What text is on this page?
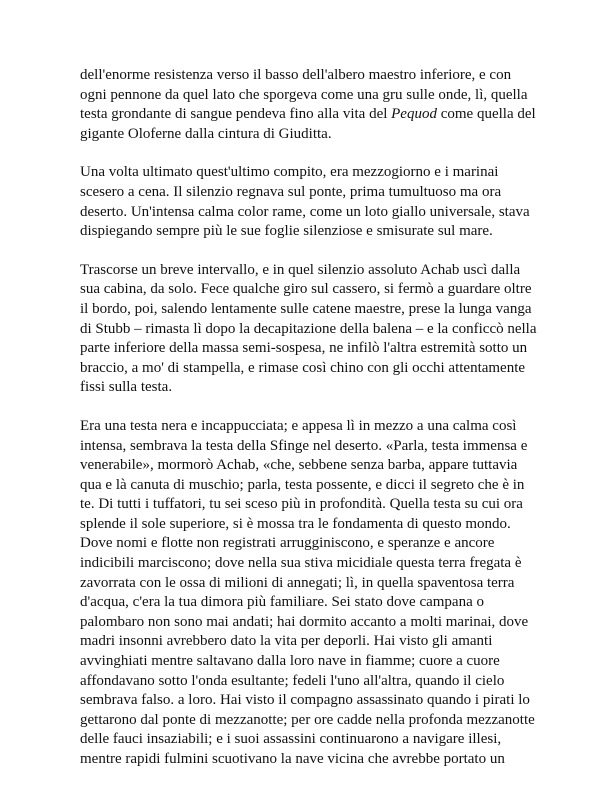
dell'enorme resistenza verso il basso dell'albero maestro inferiore, e con
ogni pennone da quel lato che sporgeva come una gru sulle onde, lì, quella
testa grondante di sangue pendeva fino alla vita del Pequod come quella del
gigante Oloferne dalla cintura di Giuditta.

Una volta ultimato quest'ultimo compito, era mezzogiorno e i marinai
scesero a cena. Il silenzio regnava sul ponte, prima tumultuoso ma ora
deserto. Un'intensa calma color rame, come un loto giallo universale, stava
dispiegando sempre più le sue foglie silenziose e smisurate sul mare.

Trascorse un breve intervallo, e in quel silenzio assoluto Achab uscì dalla
sua cabina, da solo. Fece qualche giro sul cassero, si fermò a guardare oltre
il bordo, poi, salendo lentamente sulle catene maestre, prese la lunga vanga
di Stubb – rimasta lì dopo la decapitazione della balena – e la conficcò nella
parte inferiore della massa semi-sospesa, ne infilò l'altra estremità sotto un
braccio, a mo' di stampella, e rimase così chino con gli occhi attentamente
fissi sulla testa.

Era una testa nera e incappucciata; e appesa lì in mezzo a una calma così
intensa, sembrava la testa della Sfinge nel deserto. «Parla, testa immensa e
venerabile», mormorò Achab, «che, sebbene senza barba, appare tuttavia
qua e là canuta di muschio; parla, testa possente, e dicci il segreto che è in
te. Di tutti i tuffatori, tu sei sceso più in profondità. Quella testa su cui ora
splende il sole superiore, si è mossa tra le fondamenta di questo mondo.
Dove nomi e flotte non registrati arrugginiscono, e speranze e ancore
indicibili marciscono; dove nella sua stiva micidiale questa terra fregata è
zavorrata con le ossa di milioni di annegati; lì, in quella spaventosa terra
d'acqua, c'era la tua dimora più familiare. Sei stato dove campana o
palombaro non sono mai andati; hai dormito accanto a molti marinai, dove
madri insonni avrebbero dato la vita per deporli. Hai visto gli amanti
avvinghiati mentre saltavano dalla loro nave in fiamme; cuore a cuore
affondavano sotto l'onda esultante; fedeli l'uno all'altra, quando il cielo
sembrava falso. a loro. Hai visto il compagno assassinato quando i pirati lo
gettarono dal ponte di mezzanotte; per ore cadde nella profonda mezzanotte
delle fauci insaziabili; e i suoi assassini continuarono a navigare illesi,
mentre rapidi fulmini scuotivano la nave vicina che avrebbe portato un
